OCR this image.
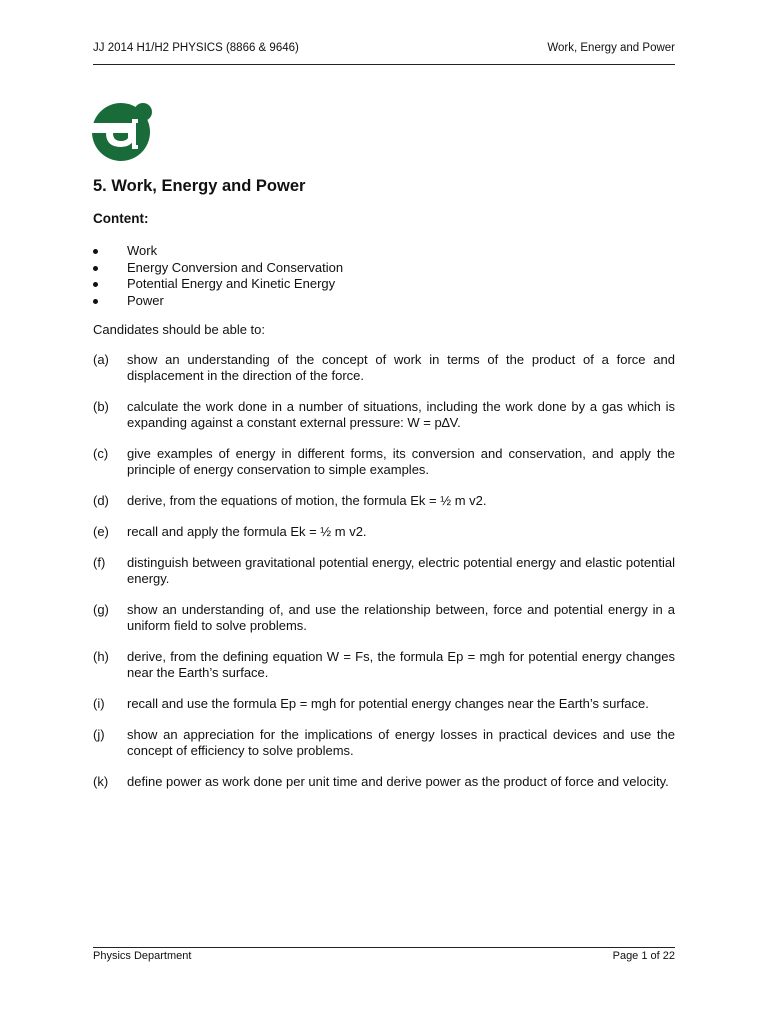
JJ 2014 H1/H2 PHYSICS (8866 & 9646)	Work, Energy and Power
5. Work, Energy and Power
Content:
Work
Energy Conversion and Conservation
Potential Energy and Kinetic Energy
Power
Candidates should be able to:
(a)	show an understanding of the concept of work in terms of the product of a force and displacement in the direction of the force.
(b)	calculate the work done in a number of situations, including the work done by a gas which is expanding against a constant external pressure: W = p∆V.
(c)	give examples of energy in different forms, its conversion and conservation, and apply the principle of energy conservation to simple examples.
(d)	derive, from the equations of motion, the formula Ek = ½ m v2.
(e)	recall and apply the formula Ek = ½ m v2.
(f)	distinguish between gravitational potential energy, electric potential energy and elastic potential energy.
(g)	show an understanding of, and use the relationship between, force and potential energy in a uniform field to solve problems.
(h)	derive, from the defining equation W = Fs, the formula Ep = mgh for potential energy changes near the Earth’s surface.
(i)	recall and use the formula Ep = mgh for potential energy changes near the Earth’s surface.
(j)	show an appreciation for the implications of energy losses in practical devices and use the concept of efficiency to solve problems.
(k)	define power as work done per unit time and derive power as the product of force and velocity.
Physics Department	Page 1 of 22
